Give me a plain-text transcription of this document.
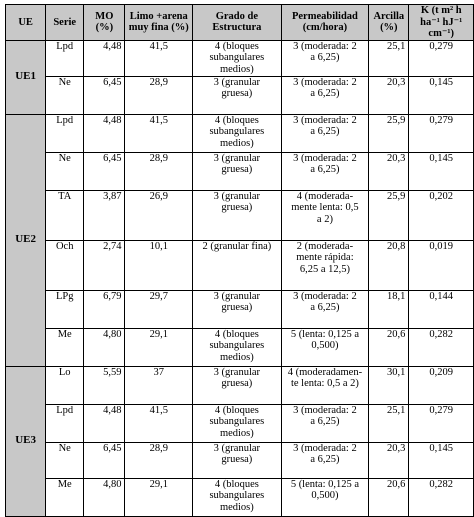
UE	Serie	MO (%)	Limo +arena muy fina (%)	Grado de Estructura	Permeabilidad (cm/hora)	Arcilla (%)	K (t m² h ha⁻¹ hJ⁻¹ cm⁻¹)
UE1	Lpd	4,48	41,5	4 (bloques
subangulares
medios)	3 (moderada: 2
a 6,25)	25,1	0,279
	Ne	6,45	28,9	3 (granular
gruesa)	3 (moderada: 2
a 6,25)	20,3	0,145
UE2	Lpd	4,48	41,5	4 (bloques
subangulares
medios)	3 (moderada: 2
a 6,25)	25,9	0,279
	Ne	6,45	28,9	3 (granular
gruesa)	3 (moderada: 2
a 6,25)	20,3	0,145
	TA	3,87	26,9	3 (granular
gruesa)	4 (moderada-
mente lenta: 0,5
a 2)	25,9	0,202
	Och	2,74	10,1	2 (granular fina)	2 (moderada-
mente rápida:
6,25 a 12,5)	20,8	0,019
	LPg	6,79	29,7	3 (granular
gruesa)	3 (moderada: 2
a 6,25)	18,1	0,144
	Me	4,80	29,1	4 (bloques
subangulares
medios)	5 (lenta: 0,125 a
0,500)	20,6	0,282
UE3	Lo	5,59	37	3 (granular
gruesa)	4 (moderadamen-
te lenta: 0,5 a 2)	30,1	0,209
	Lpd	4,48	41,5	4 (bloques
subangulares
medios)	3 (moderada: 2
a 6,25)	25,1	0,279
	Ne	6,45	28,9	3 (granular
gruesa)	3 (moderada: 2
a 6,25)	20,3	0,145
	Me	4,80	29,1	4 (bloques
subangulares
medios)	5 (lenta: 0,125 a
0,500)	20,6	0,282
